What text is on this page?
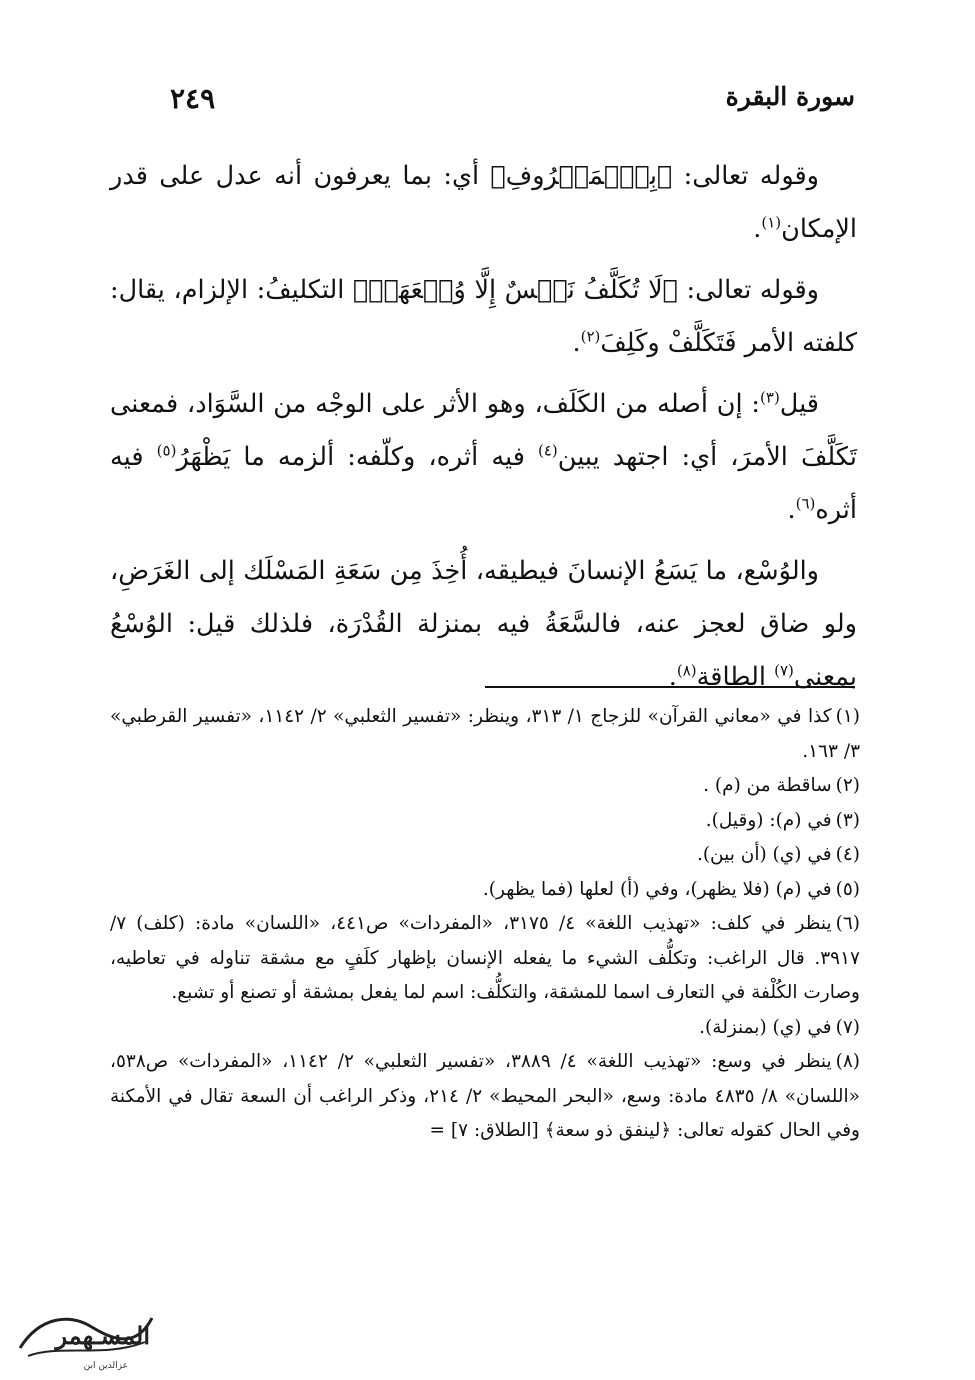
سورة البقرة
٢٤٩

وقوله تعالى: ﴿بِٱلۡمَعۡرُوفِ﴾ أي: بما يعرفون أنه عدل على قدر الإمكان$^{(١)}$.

وقوله تعالى: ﴿لَا تُكَلَّفُ نَفۡسٌ إِلَّا وُسۡعَهَاۚ﴾ التكليفُ: الإلزام، يقال: كلفته الأمر فَتَكَلَّفْ وكَلِفَ$^{(٢)}$.

قيل$^{(٣)}$: إن أصله من الكَلَف، وهو الأثر على الوجْه من السَّوَاد، فمعنى تَكَلَّفَ الأمرَ، أي: اجتهد يبين$^{(٤)}$ فيه أثره، وكلّفه: ألزمه ما يَظْهَرُ$^{(٥)}$ فيه أثره$^{(٦)}$.

والوُسْع، ما يَسَعُ الإنسانَ فيطيقه، أُخِذَ مِن سَعَةِ المَسْلَك إلى الغَرَضِ، ولو ضاق لعجز عنه، فالسَّعَةُ فيه بمنزلة القُدْرَة، فلذلك قيل: الوُسْعُ بمعنى$^{(٧)}$ الطاقة$^{(٨)}$.

(١)كذا في «معاني القرآن» للزجاج ١/ ٣١٣، وينظر: «تفسير الثعلبي» ٢/ ١١٤٢، «تفسير القرطبي» ٣/ ١٦٣.

(٢)ساقطة من (م) .

(٣)في (م): (وقيل).

(٤)في (ي) (أن بين).

(٥)في (م) (فلا يظهر)، وفي (أ) لعلها (فما يظهر).

(٦)ينظر في كلف: «تهذيب اللغة» ٤/ ٣١٧٥، «المفردات» ص٤٤١، «اللسان» مادة: (كلف) ٧/ ٣٩١٧. قال الراغب: وتكلُّف الشيء ما يفعله الإنسان بإظهار كلَفٍ مع مشقة تناوله في تعاطيه، وصارت الكُلْفة في التعارف اسما للمشقة، والتكلُّف: اسم لما يفعل بمشقة أو تصنع أو تشبع.

(٧)في (ي) (بمنزلة).

(٨)ينظر في وسع: «تهذيب اللغة» ٤/ ٣٨٨٩، «تفسير الثعلبي» ٢/ ١١٤٢، «المفردات» ص٥٣٨، «اللسان» ٨/ ٤٨٣٥ مادة: وسع، «البحر المحيط» ٢/ ٢١٤، وذكر الراغب أن السعة تقال في الأمكنة وفي الحال كقوله تعالى: ﴿لينفق ذو سعة﴾ [الطلاق: ٧] =

المسـهمر
عزالدين ابن
